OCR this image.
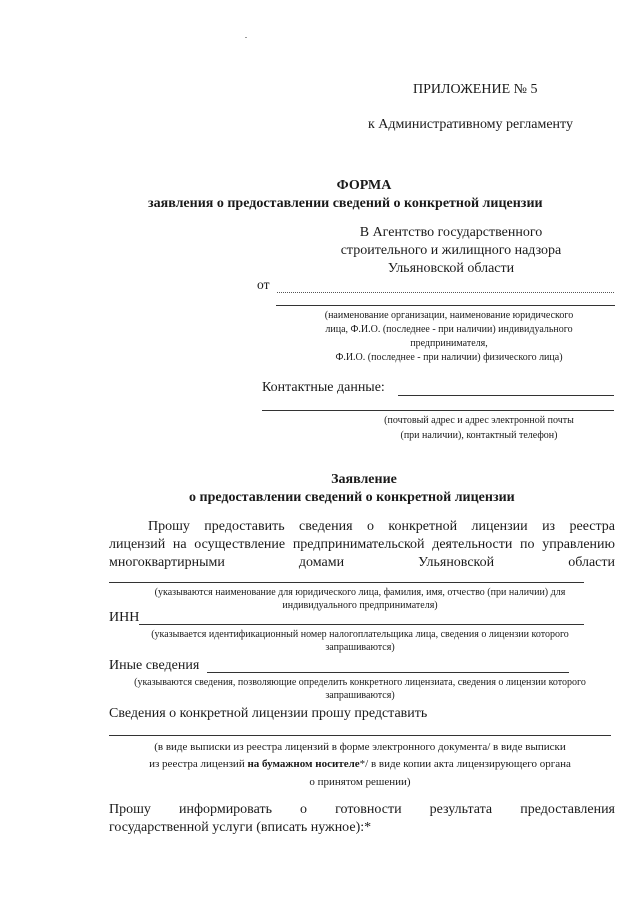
ПРИЛОЖЕНИЕ № 5
к Административному регламенту
ФОРМА
заявления о предоставлении сведений о конкретной лицензии
В Агентство государственного
строительного и жилищного надзора
Ульяновской области
от
(наименование организации, наименование юридического
лица, Ф.И.О. (последнее - при наличии) индивидуального
предпринимателя,
Ф.И.О. (последнее - при наличии) физического лица)
Контактные данные:
(почтовый адрес и адрес электронной почты
(при наличии), контактный телефон)
Заявление
о предоставлении сведений о конкретной лицензии
Прошу предоставить сведения о конкретной лицензии из реестра
лицензий на осуществление предпринимательской деятельности по управлению
многоквартирными домами Ульяновской области
(указываются наименование для юридического лица, фамилия, имя, отчество (при наличии) для
индивидуального предпринимателя)
ИНН
(указывается идентификационный номер налогоплательщика лица, сведения о лицензии которого
запрашиваются)
Иные сведения
(указываются сведения, позволяющие определить конкретного лицензиата, сведения о лицензии которого
запрашиваются)
Сведения о конкретной лицензии прошу представить
(в виде выписки из реестра лицензий в форме электронного документа/ в виде выписки
из реестра лицензий на бумажном носителе*/ в виде копии акта лицензирующего органа
о принятом решении)
Прошу информировать о готовности результата предоставления
государственной услуги (вписать нужное):*
